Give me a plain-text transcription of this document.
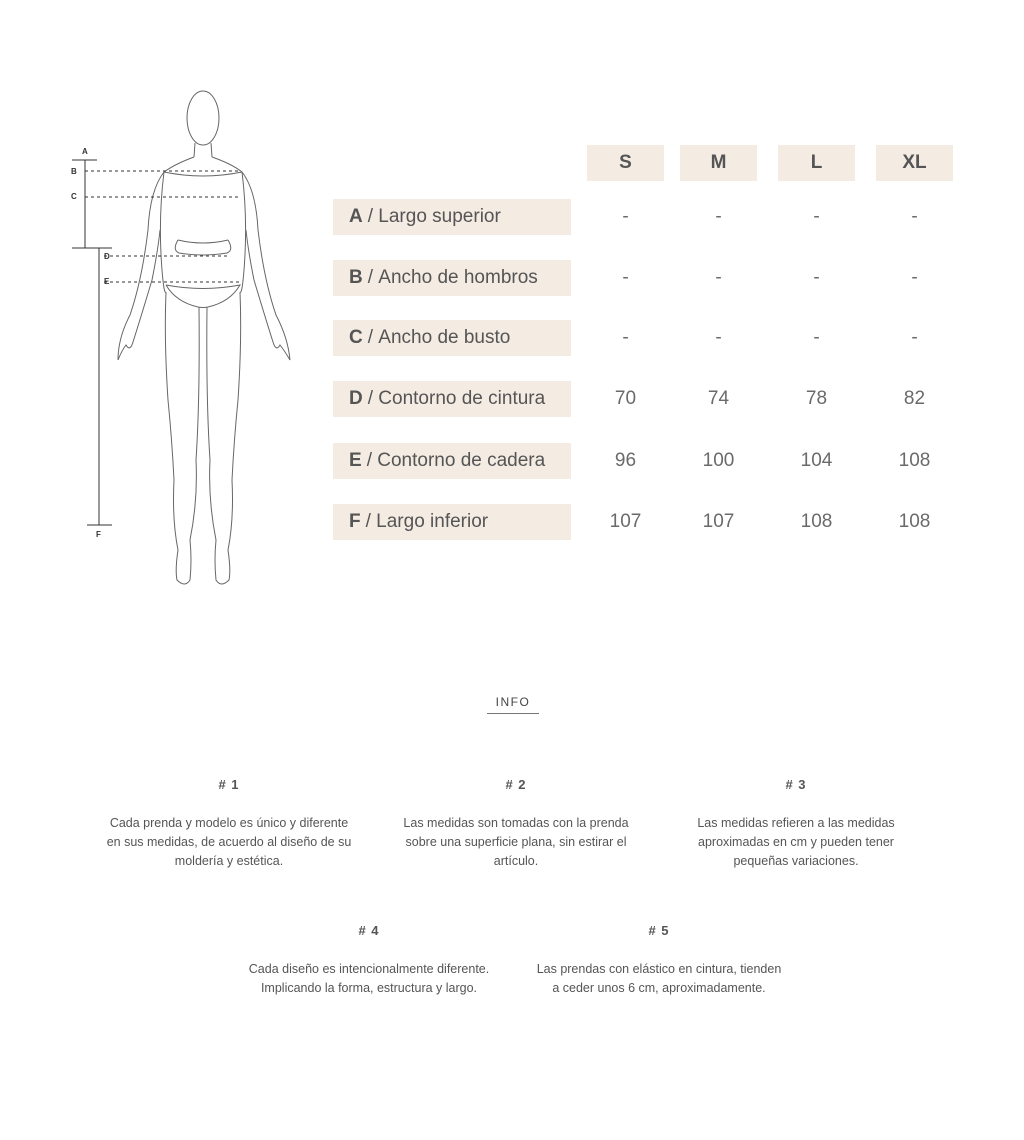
A
B
C
D
E
F
S	M	L	XL
A / Largo superior	-	-	-	-
B / Ancho de hombros	-	-	-	-
C / Ancho de busto	-	-	-	-
D / Contorno de cintura	70	74	78	82
E / Contorno de cadera	96	100	104	108
F / Largo inferior	107	107	108	108
INFO
# 1
Cada prenda y modelo es único y diferente en sus medidas, de acuerdo al diseño de su moldería y estética.
# 2
Las medidas son tomadas con la prenda sobre una superficie plana, sin estirar el artículo.
# 3
Las medidas refieren a las medidas aproximadas en cm y pueden tener pequeñas variaciones.
# 4
Cada diseño es intencionalmente diferente. Implicando la forma, estructura y largo.
# 5
Las prendas con elástico en cintura, tienden a ceder unos 6 cm, aproximadamente.
